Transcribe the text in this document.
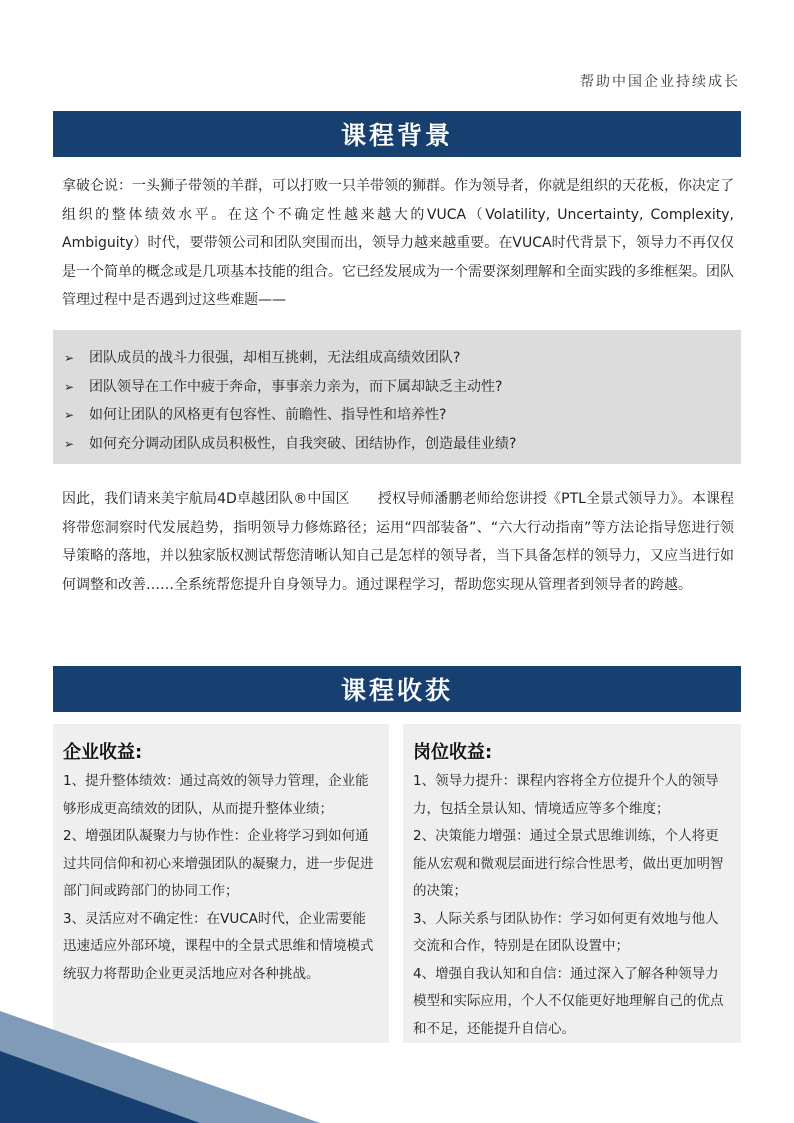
帮助中国企业持续成长
课程背景
拿破仑说：一头狮子带领的羊群，可以打败一只羊带领的狮群。作为领导者，你就是组织的天花板，你决定了组织的整体绩效水平。在这个不确定性越来越大的VUCA（Volatility, Uncertainty, Complexity, Ambiguity）时代，要带领公司和团队突围而出，领导力越来越重要。在VUCA时代背景下，领导力不再仅仅是一个简单的概念或是几项基本技能的组合。它已经发展成为一个需要深刻理解和全面实践的多维框架。团队管理过程中是否遇到过这些难题——
➢ 团队成员的战斗力很强，却相互挑刺，无法组成高绩效团队?
➢ 团队领导在工作中疲于奔命，事事亲力亲为，而下属却缺乏主动性?
➢ 如何让团队的风格更有包容性、前瞻性、指导性和培养性?
➢ 如何充分调动团队成员积极性，自我突破、团结协作，创造最佳业绩?
因此，我们请来美宇航局4D卓越团队®中国区　　授权导师潘鹏老师给您讲授《PTL全景式领导力》。本课程将带您洞察时代发展趋势，指明领导力修炼路径；运用“四部装备”、“六大行动指南”等方法论指导您进行领导策略的落地，并以独家版权测试帮您清晰认知自己是怎样的领导者，当下具备怎样的领导力，又应当进行如何调整和改善……全系统帮您提升自身领导力。通过课程学习，帮助您实现从管理者到领导者的跨越。
课程收获
企业收益:
1、提升整体绩效：通过高效的领导力管理，企业能够形成更高绩效的团队，从而提升整体业绩；
2、增强团队凝聚力与协作性：企业将学习到如何通过共同信仰和初心来增强团队的凝聚力，进一步促进部门间或跨部门的协同工作；
3、灵活应对不确定性：在VUCA时代，企业需要能迅速适应外部环境，课程中的全景式思维和情境模式统驭力将帮助企业更灵活地应对各种挑战。
岗位收益:
1、领导力提升：课程内容将全方位提升个人的领导力，包括全景认知、情境适应等多个维度；
2、决策能力增强：通过全景式思维训练，个人将更能从宏观和微观层面进行综合性思考，做出更加明智的决策；
3、人际关系与团队协作：学习如何更有效地与他人交流和合作，特别是在团队设置中；
4、增强自我认知和自信：通过深入了解各种领导力模型和实际应用，个人不仅能更好地理解自己的优点和不足，还能提升自信心。
